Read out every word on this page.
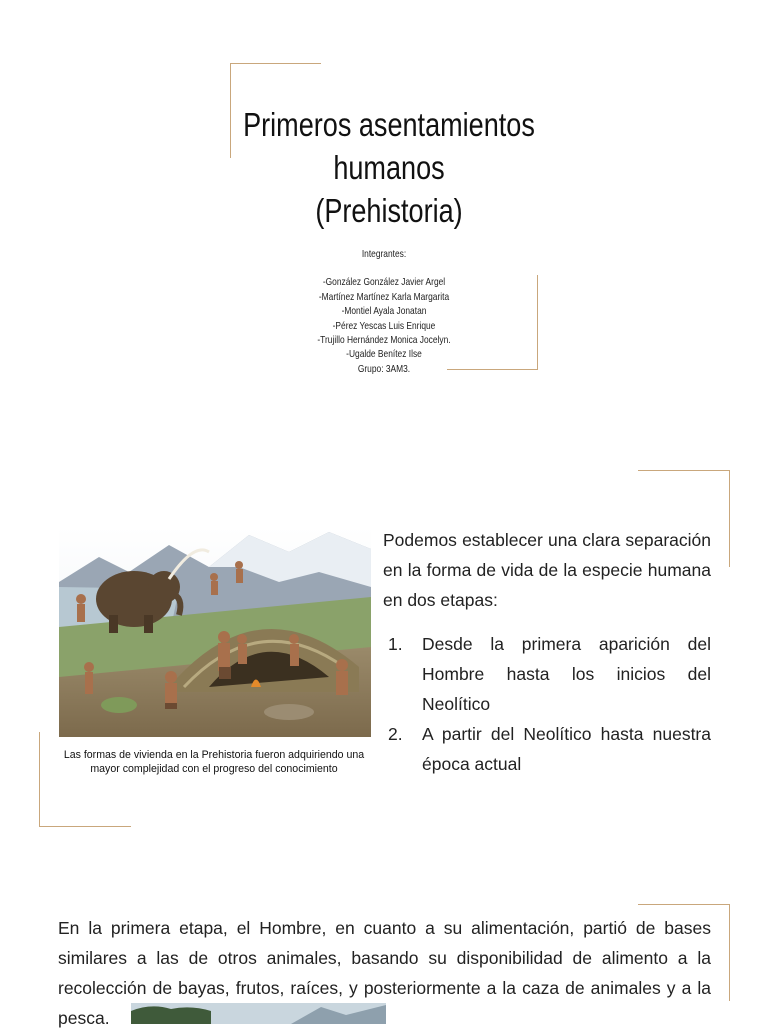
Primeros asentamientos
humanos
(Prehistoria)
Integrantes:
-González González Javier Argel
-Martínez Martínez Karla Margarita
-Montiel Ayala Jonatan
-Pérez Yescas Luis Enrique
-Trujillo Hernández Monica Jocelyn.
-Ugalde Benítez Ilse
Grupo: 3AM3.
Las formas de vivienda en la Prehistoria fueron adquiriendo una mayor complejidad con el progreso del conocimiento
Podemos establecer una clara separación en la forma de vida de la especie humana en dos etapas:
1.	Desde la primera aparición del Hombre hasta los inicios del Neolítico
2.	A partir del Neolítico hasta nuestra época actual
En la primera etapa, el Hombre, en cuanto a su alimentación, partió de bases similares a las de otros animales, basando su disponibilidad de alimento a la recolección de bayas, frutos, raíces, y posteriormente a la caza de animales y a la pesca.
